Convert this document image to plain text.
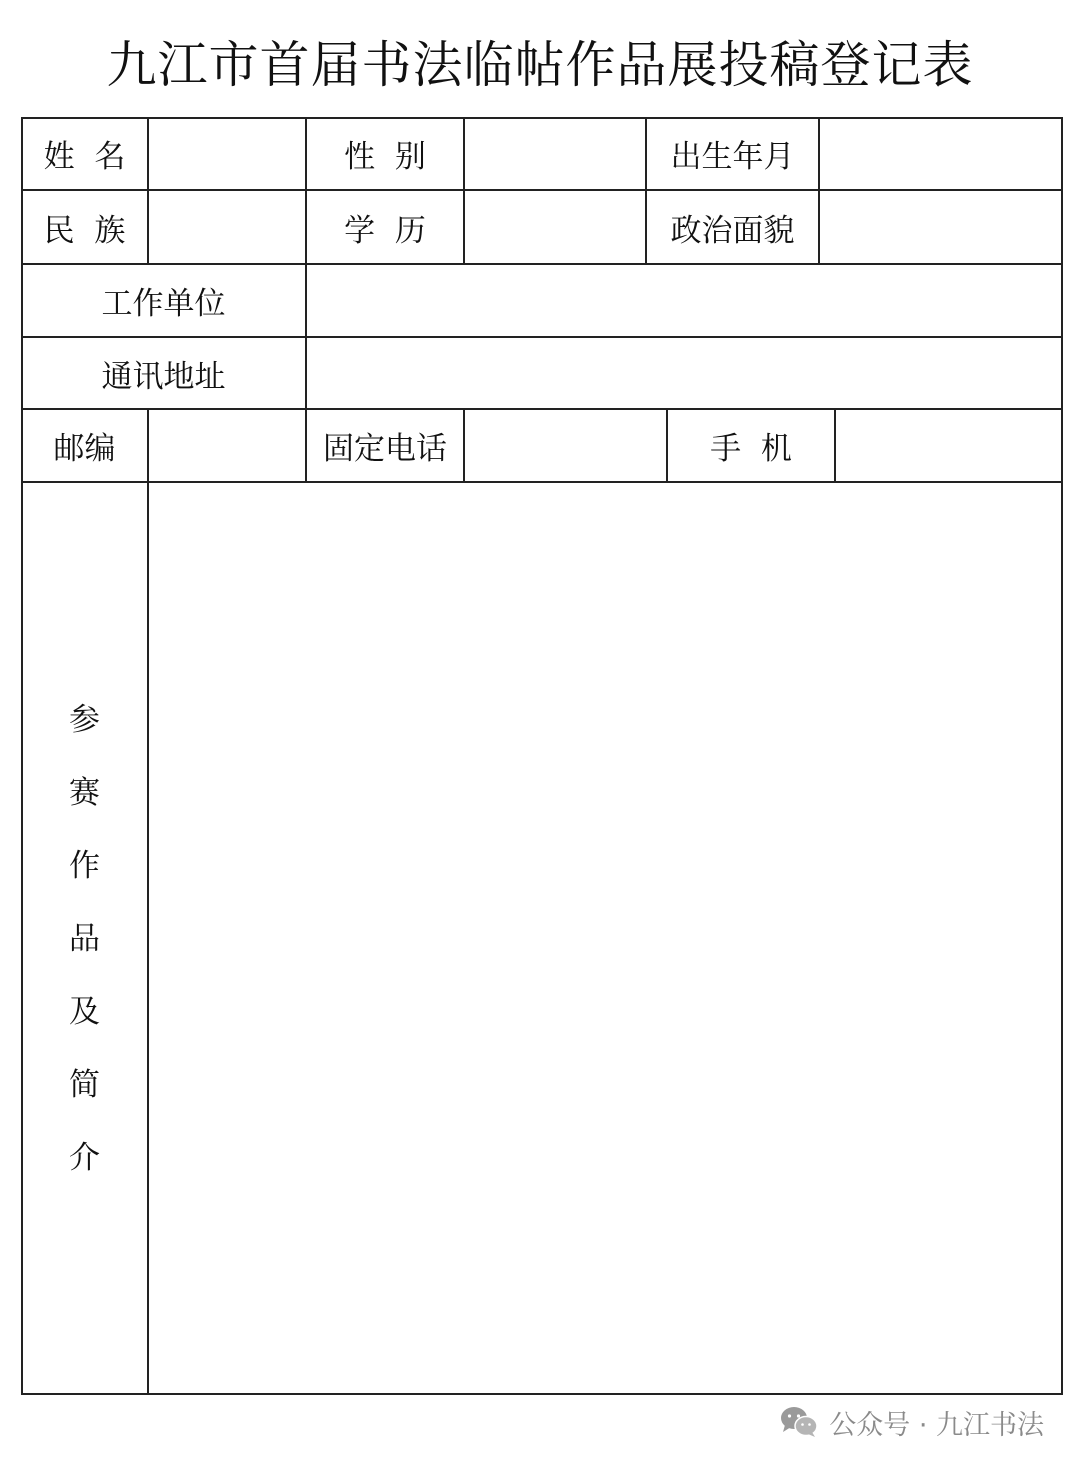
九江市首届书法临帖作品展投稿登记表
姓  名	性  别	出生年月
民  族	学  历	政治面貌
工作单位
通讯地址
邮编	固定电话	手  机
参
赛
作
品
及
简
介
公众号 · 九江书法
